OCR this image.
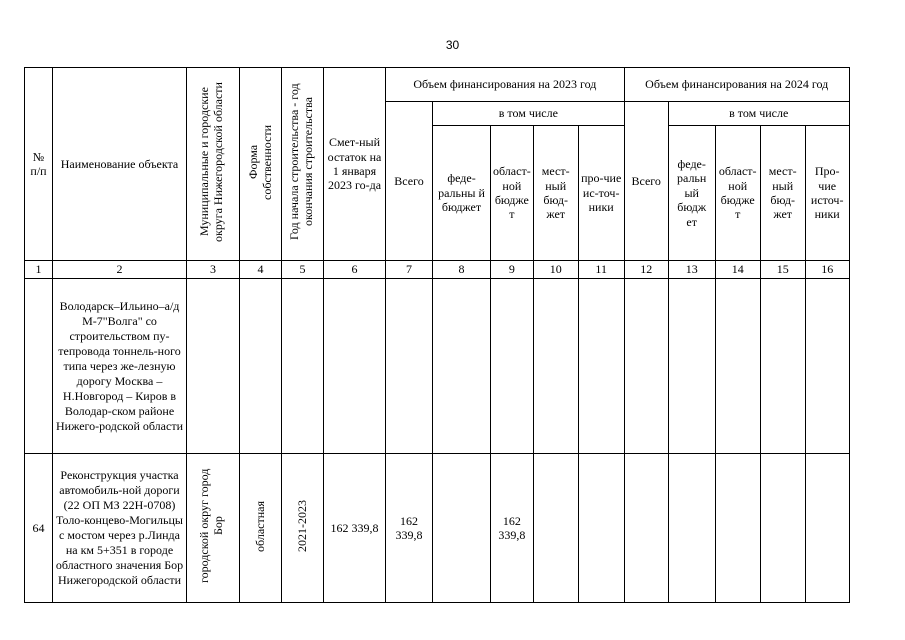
30
№ п/п	Наименование объекта	Муниципальные и городские округа Нижегородской области	Форма собственности	Год начала строительства - год окончания строительства	Смет-ный остаток на 1 января 2023 го-да	Объем финансирования на 2023 год					Объем финансирования на 2024 год				
						Всего	в том числе				Всего	в том числе			
							феде-ральны й бюджет	област-ной бюдже т	мест-ный бюд-жет	про-чие ис-точ-ники		феде-ральн ый бюдж ет	област-ной бюдже т	мест-ный бюд-жет	Про-чие источ-ники
1	2	3	4	5	6	7	8	9	10	11	12	13	14	15	16
	Володарск–Ильино–а/д М-7"Волга" со строительством пу-тепровода тоннель-ного типа через же-лезную дорогу Москва – Н.Новгород – Киров в Володар-ском районе Нижего-родской области														
64	Реконструкция участка автомобиль-ной дороги (22 ОП МЗ 22Н-0708) Толо-концево-Могильцы с мостом через р.Линда на км 5+351 в городе областного значения Бор Нижегородской области	городской округ город Бор	областная	2021-2023	162 339,8	162 339,8		162 339,8							
